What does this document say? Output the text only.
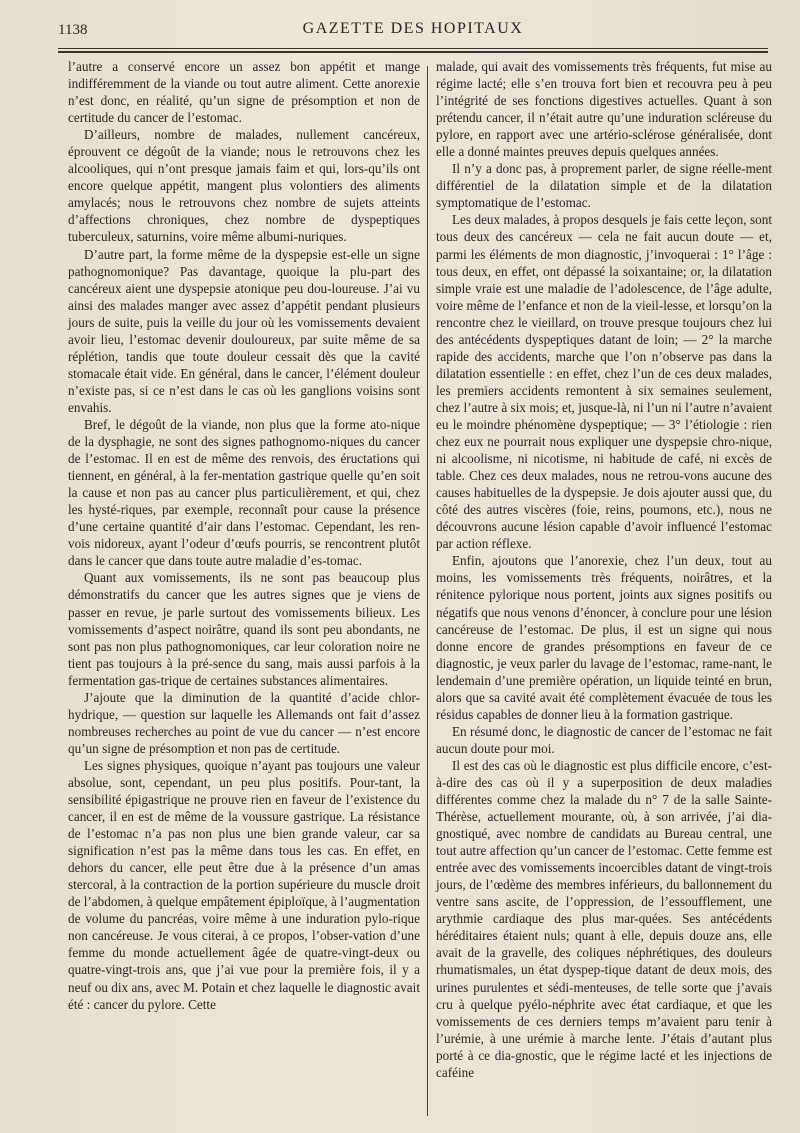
1138	GAZETTE DES HOPITAUX

l’autre a conservé encore un assez bon appétit et mange indifféremment de la viande ou tout autre aliment. Cette anorexie n’est donc, en réalité, qu’un signe de présomption et non de certitude du cancer de l’estomac.

D’ailleurs, nombre de malades, nullement cancéreux, éprouvent ce dégoût de la viande; nous le retrouvons chez les alcooliques, qui n’ont presque jamais faim et qui, lors-qu’ils ont encore quelque appétit, mangent plus volontiers des aliments amylacés; nous le retrouvons chez nombre de sujets atteints d’affections chroniques, chez nombre de dyspeptiques tuberculeux, saturnins, voire même albumi-nuriques.

D’autre part, la forme même de la dyspepsie est-elle un signe pathognomonique? Pas davantage, quoique la plu-part des cancéreux aient une dyspepsie atonique peu dou-loureuse. J’ai vu ainsi des malades manger avec assez d’appétit pendant plusieurs jours de suite, puis la veille du jour où les vomissements devaient avoir lieu, l’estomac devenir douloureux, par suite même de sa réplétion, tandis que toute douleur cessait dès que la cavité stomacale était vide. En général, dans le cancer, l’élément douleur n’existe pas, si ce n’est dans le cas où les ganglions voisins sont envahis.

Bref, le dégoût de la viande, non plus que la forme ato-nique de la dysphagie, ne sont des signes pathognomo-niques du cancer de l’estomac. Il en est de même des renvois, des éructations qui tiennent, en général, à la fer-mentation gastrique quelle qu’en soit la cause et non pas au cancer plus particulièrement, et qui, chez les hysté-riques, par exemple, reconnaît pour cause la présence d’une certaine quantité d’air dans l’estomac. Cependant, les ren-vois nidoreux, ayant l’odeur d’œufs pourris, se rencontrent plutôt dans le cancer que dans toute autre maladie d’es-tomac.

Quant aux vomissements, ils ne sont pas beaucoup plus démonstratifs du cancer que les autres signes que je viens de passer en revue, je parle surtout des vomissements bilieux. Les vomissements d’aspect noirâtre, quand ils sont peu abondants, ne sont pas non plus pathognomoniques, car leur coloration noire ne tient pas toujours à la pré-sence du sang, mais aussi parfois à la fermentation gas-trique de certaines substances alimentaires.

J’ajoute que la diminution de la quantité d’acide chlor-hydrique, — question sur laquelle les Allemands ont fait d’assez nombreuses recherches au point de vue du cancer — n’est encore qu’un signe de présomption et non pas de certitude.

Les signes physiques, quoique n’ayant pas toujours une valeur absolue, sont, cependant, un peu plus positifs. Pour-tant, la sensibilité épigastrique ne prouve rien en faveur de l’existence du cancer, il en est de même de la voussure gastrique. La résistance de l’estomac n’a pas non plus une bien grande valeur, car sa signification n’est pas la même dans tous les cas. En effet, en dehors du cancer, elle peut être due à la présence d’un amas stercoral, à la contraction de la portion supérieure du muscle droit de l’abdomen, à quelque empâtement épiploïque, à l’augmentation de volume du pancréas, voire même à une induration pylo-rique non cancéreuse. Je vous citerai, à ce propos, l’obser-vation d’une femme du monde actuellement âgée de quatre-vingt-deux ou quatre-vingt-trois ans, que j’ai vue pour la première fois, il y a neuf ou dix ans, avec M. Potain et chez laquelle le diagnostic avait été : cancer du pylore. Cette

malade, qui avait des vomissements très fréquents, fut mise au régime lacté; elle s’en trouva fort bien et recouvra peu à peu l’intégrité de ses fonctions digestives actuelles. Quant à son prétendu cancer, il n’était autre qu’une induration scléreuse du pylore, en rapport avec une artério-sclérose généralisée, dont elle a donné maintes preuves depuis quelques années.

Il n’y a donc pas, à proprement parler, de signe réelle-ment différentiel de la dilatation simple et de la dilatation symptomatique de l’estomac.

Les deux malades, à propos desquels je fais cette leçon, sont tous deux des cancéreux — cela ne fait aucun doute — et, parmi les éléments de mon diagnostic, j’invoquerai : 1° l’âge : tous deux, en effet, ont dépassé la soixantaine; or, la dilatation simple vraie est une maladie de l’adolescence, de l’âge adulte, voire même de l’enfance et non de la vieil-lesse, et lorsqu’on la rencontre chez le vieillard, on trouve presque toujours chez lui des antécédents dyspeptiques datant de loin; — 2° la marche rapide des accidents, marche que l’on n’observe pas dans la dilatation essentielle : en effet, chez l’un de ces deux malades, les premiers accidents remontent à six semaines seulement, chez l’autre à six mois; et, jusque-là, ni l’un ni l’autre n’avaient eu le moindre phénomène dyspeptique; — 3° l’étiologie : rien chez eux ne pourrait nous expliquer une dyspepsie chro-nique, ni alcoolisme, ni nicotisme, ni habitude de café, ni excès de table. Chez ces deux malades, nous ne retrou-vons aucune des causes habituelles de la dyspepsie. Je dois ajouter aussi que, du côté des autres viscères (foie, reins, poumons, etc.), nous ne découvrons aucune lésion capable d’avoir influencé l’estomac par action réflexe.

Enfin, ajoutons que l’anorexie, chez l’un deux, tout au moins, les vomissements très fréquents, noirâtres, et la rénitence pylorique nous portent, joints aux signes positifs ou négatifs que nous venons d’énoncer, à conclure pour une lésion cancéreuse de l’estomac. De plus, il est un signe qui nous donne encore de grandes présomptions en faveur de ce diagnostic, je veux parler du lavage de l’estomac, rame-nant, le lendemain d’une première opération, un liquide teinté en brun, alors que sa cavité avait été complètement évacuée de tous les résidus capables de donner lieu à la formation gastrique.

En résumé donc, le diagnostic de cancer de l’estomac ne fait aucun doute pour moi.

Il est des cas où le diagnostic est plus difficile encore, c’est-à-dire des cas où il y a superposition de deux maladies différentes comme chez la malade du n° 7 de la salle Sainte-Thérèse, actuellement mourante, où, à son arrivée, j’ai dia-gnostiqué, avec nombre de candidats au Bureau central, une tout autre affection qu’un cancer de l’estomac. Cette femme est entrée avec des vomissements incoercibles datant de vingt-trois jours, de l’œdème des membres inférieurs, du ballonnement du ventre sans ascite, de l’oppression, de l’essoufflement, une arythmie cardiaque des plus mar-quées. Ses antécédents héréditaires étaient nuls; quant à elle, depuis douze ans, elle avait de la gravelle, des coliques néphrétiques, des douleurs rhumatismales, un état dyspep-tique datant de deux mois, des urines purulentes et sédi-menteuses, de telle sorte que j’avais cru à quelque pyélo-néphrite avec état cardiaque, et que les vomissements de ces derniers temps m’avaient paru tenir à l’urémie, à une urémie à marche lente. J’étais d’autant plus porté à ce dia-gnostic, que le régime lacté et les injections de caféine
